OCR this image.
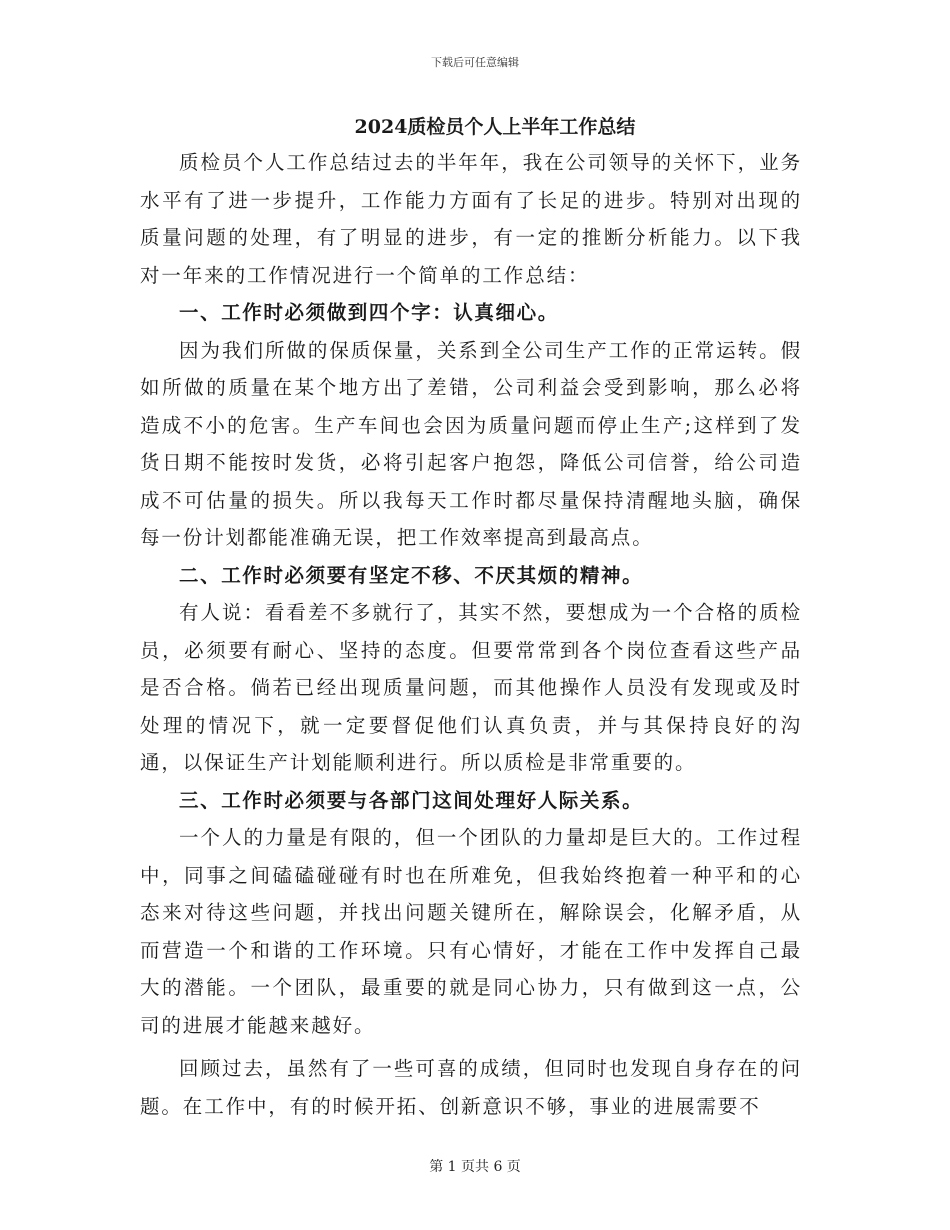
下载后可任意编辑
2024质检员个人上半年工作总结

质检员个人工作总结过去的半年年，我在公司领导的关怀下，业务水平有了进一步提升，工作能力方面有了长足的进步。特别对出现的质量问题的处理，有了明显的进步，有一定的推断分析能力。以下我对一年来的工作情况进行一个简单的工作总结：

一、工作时必须做到四个字：认真细心。

因为我们所做的保质保量，关系到全公司生产工作的正常运转。假如所做的质量在某个地方出了差错，公司利益会受到影响，那么必将造成不小的危害。生产车间也会因为质量问题而停止生产;这样到了发货日期不能按时发货，必将引起客户抱怨，降低公司信誉，给公司造成不可估量的损失。所以我每天工作时都尽量保持清醒地头脑，确保每一份计划都能准确无误，把工作效率提高到最高点。

二、工作时必须要有坚定不移、不厌其烦的精神。

有人说：看看差不多就行了，其实不然，要想成为一个合格的质检员，必须要有耐心、坚持的态度。但要常常到各个岗位查看这些产品是否合格。倘若已经出现质量问题，而其他操作人员没有发现或及时处理的情况下，就一定要督促他们认真负责，并与其保持良好的沟通，以保证生产计划能顺利进行。所以质检是非常重要的。

三、工作时必须要与各部门这间处理好人际关系。

一个人的力量是有限的，但一个团队的力量却是巨大的。工作过程中，同事之间磕磕碰碰有时也在所难免，但我始终抱着一种平和的心态来对待这些问题，并找出问题关键所在，解除误会，化解矛盾，从而营造一个和谐的工作环境。只有心情好，才能在工作中发挥自己最大的潜能。一个团队，最重要的就是同心协力，只有做到这一点，公司的进展才能越来越好。

回顾过去，虽然有了一些可喜的成绩，但同时也发现自身存在的问题。在工作中，有的时候开拓、创新意识不够，事业的进展需要不

第 1 页共 6 页
